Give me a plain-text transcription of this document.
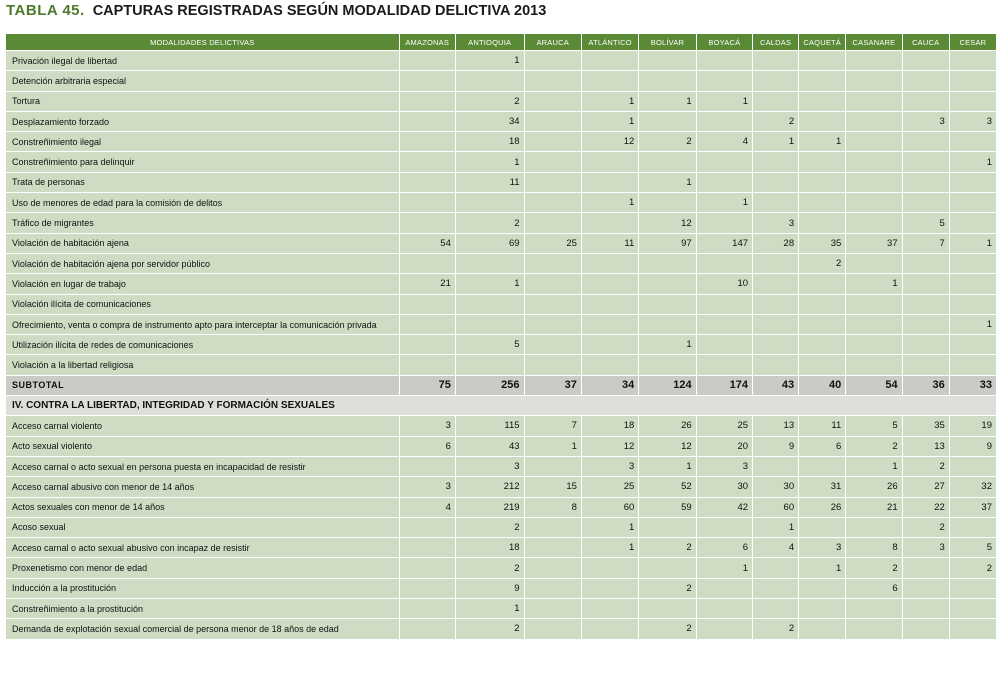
TABLA 45. CAPTURAS REGISTRADAS SEGÚN MODALIDAD DELICTIVA 2013
MODALIDADES DELICTIVAS	AMAZONAS	ANTIOQUIA	ARAUCA	ATLÁNTICO	BOLÍVAR	BOYACÁ	CALDAS	CAQUETÁ	CASANARE	CAUCA	CESAR
Privación ilegal de libertad		1									
Detención arbitraria especial											
Tortura		2		1	1	1					
Desplazamiento forzado		34		1			2			3	3
Constreñimiento ilegal		18		12	2	4	1	1			
Constreñimiento para delinquir		1									1
Trata de personas		11			1						
Uso de menores de edad para la comisión de delitos				1		1					
Tráfico de migrantes		2			12		3			5	
Violación de habitación ajena	54	69	25	11	97	147	28	35	37	7	1
Violación de habitación ajena por servidor público								2			
Violación en lugar de trabajo	21	1				10			1		
Violación ilícita de comunicaciones											
Ofrecimiento, venta o compra de instrumento apto para interceptar la comunicación privada											1
Utilización ilícita de redes de comunicaciones		5			1						
Violación a la libertad religiosa											
SUBTOTAL	75	256	37	34	124	174	43	40	54	36	33
IV. CONTRA LA LIBERTAD, INTEGRIDAD Y FORMACIÓN SEXUALES											
Acceso carnal violento	3	115	7	18	26	25	13	11	5	35	19
Acto sexual violento	6	43	1	12	12	20	9	6	2	13	9
Acceso carnal o acto sexual en persona puesta en incapacidad de resistir		3		3	1	3			1	2	
Acceso carnal abusivo con menor de 14 años	3	212	15	25	52	30	30	31	26	27	32
Actos sexuales con menor de 14 años	4	219	8	60	59	42	60	26	21	22	37
Acoso sexual		2		1			1			2	
Acceso carnal o acto sexual abusivo con incapaz de resistir		18		1	2	6	4	3	8	3	5
Proxenetismo con menor de edad		2				1		1	2		2
Inducción a la prostitución		9			2				6		
Constreñimiento a la prostitución		1									
Demanda de explotación sexual comercial de persona menor de 18 años de edad		2			2		2				
